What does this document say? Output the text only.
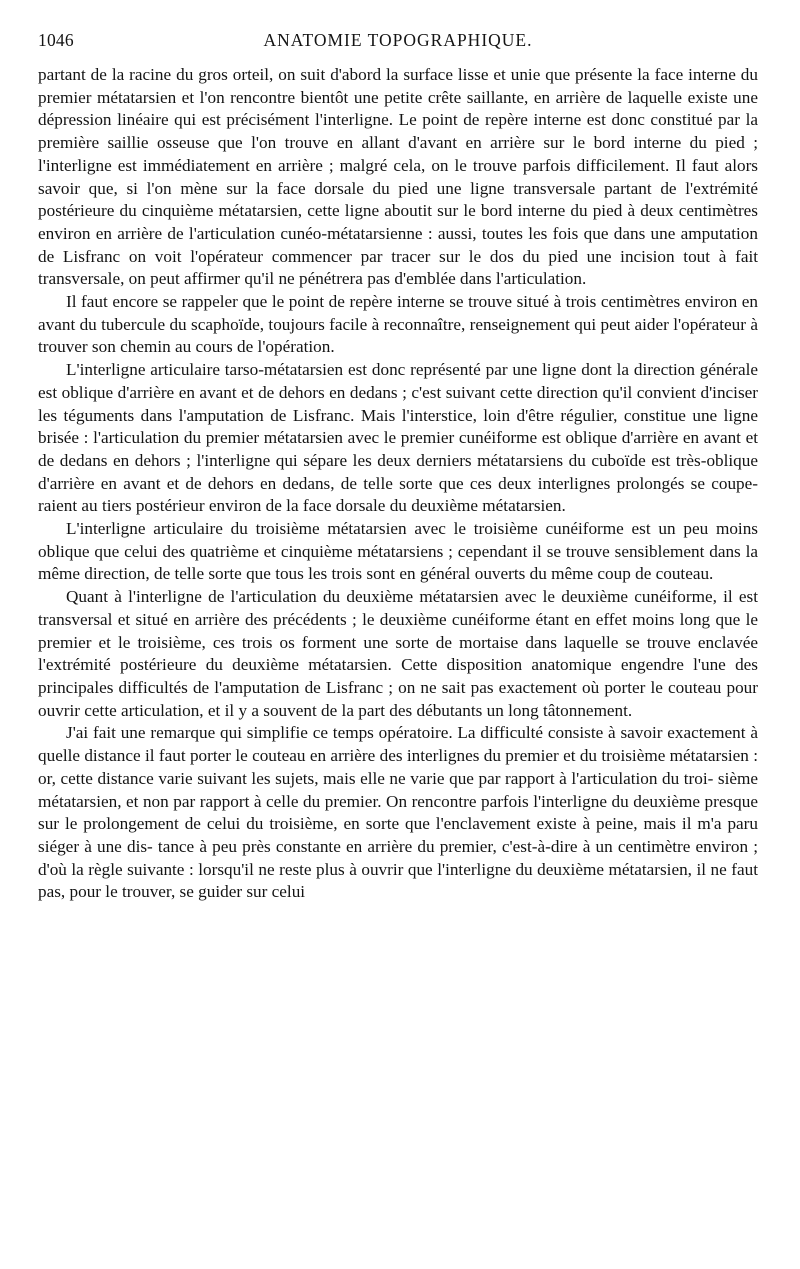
1046	ANATOMIE TOPOGRAPHIQUE.

partant de la racine du gros orteil, on suit d'abord la surface lisse et unie que présente la face interne du premier métatarsien et l'on rencontre bientôt une petite crête saillante, en arrière de laquelle existe une dépression linéaire qui est précisément l'interligne. Le point de repère interne est donc constitué par la première saillie osseuse que l'on trouve en allant d'avant en arrière sur le bord interne du pied ; l'interligne est immédiatement en arrière ; malgré cela, on le trouve parfois difficilement. Il faut alors savoir que, si l'on mène sur la face dorsale du pied une ligne transversale partant de l'extrémité postérieure du cinquième métatarsien, cette ligne aboutit sur le bord interne du pied à deux centimètres environ en arrière de l'articulation cunéo-métatarsienne : aussi, toutes les fois que dans une amputation de Lisfranc on voit l'opérateur commencer par tracer sur le dos du pied une incision tout à fait transversale, on peut affirmer qu'il ne pénétrera pas d'emblée dans l'articulation.

Il faut encore se rappeler que le point de repère interne se trouve situé à trois centimètres environ en avant du tubercule du scaphoïde, toujours facile à reconnaître, renseignement qui peut aider l'opérateur à trouver son chemin au cours de l'opération.

L'interligne articulaire tarso-métatarsien est donc représenté par une ligne dont la direction générale est oblique d'arrière en avant et de dehors en dedans ; c'est suivant cette direction qu'il convient d'inciser les téguments dans l'amputation de Lisfranc. Mais l'interstice, loin d'être régulier, constitue une ligne brisée : l'articulation du premier métatarsien avec le premier cunéiforme est oblique d'arrière en avant et de dedans en dehors ; l'interligne qui sépare les deux derniers métatarsiens du cuboïde est très-oblique d'arrière en avant et de dehors en dedans, de telle sorte que ces deux interlignes prolongés se coupe- raient au tiers postérieur environ de la face dorsale du deuxième métatarsien.

L'interligne articulaire du troisième métatarsien avec le troisième cunéiforme est un peu moins oblique que celui des quatrième et cinquième métatarsiens ; cependant il se trouve sensiblement dans la même direction, de telle sorte que tous les trois sont en général ouverts du même coup de couteau.

Quant à l'interligne de l'articulation du deuxième métatarsien avec le deuxième cunéiforme, il est transversal et situé en arrière des précédents ; le deuxième cunéiforme étant en effet moins long que le premier et le troisième, ces trois os forment une sorte de mortaise dans laquelle se trouve enclavée l'extrémité postérieure du deuxième métatarsien. Cette disposition anatomique engendre l'une des principales difficultés de l'amputation de Lisfranc ; on ne sait pas exactement où porter le couteau pour ouvrir cette articulation, et il y a souvent de la part des débutants un long tâtonnement.

J'ai fait une remarque qui simplifie ce temps opératoire. La difficulté consiste à savoir exactement à quelle distance il faut porter le couteau en arrière des interlignes du premier et du troisième métatarsien : or, cette distance varie suivant les sujets, mais elle ne varie que par rapport à l'articulation du troi- sième métatarsien, et non par rapport à celle du premier. On rencontre parfois l'interligne du deuxième presque sur le prolongement de celui du troisième, en sorte que l'enclavement existe à peine, mais il m'a paru siéger à une dis- tance à peu près constante en arrière du premier, c'est-à-dire à un centimètre environ ; d'où la règle suivante : lorsqu'il ne reste plus à ouvrir que l'interligne du deuxième métatarsien, il ne faut pas, pour le trouver, se guider sur celui
